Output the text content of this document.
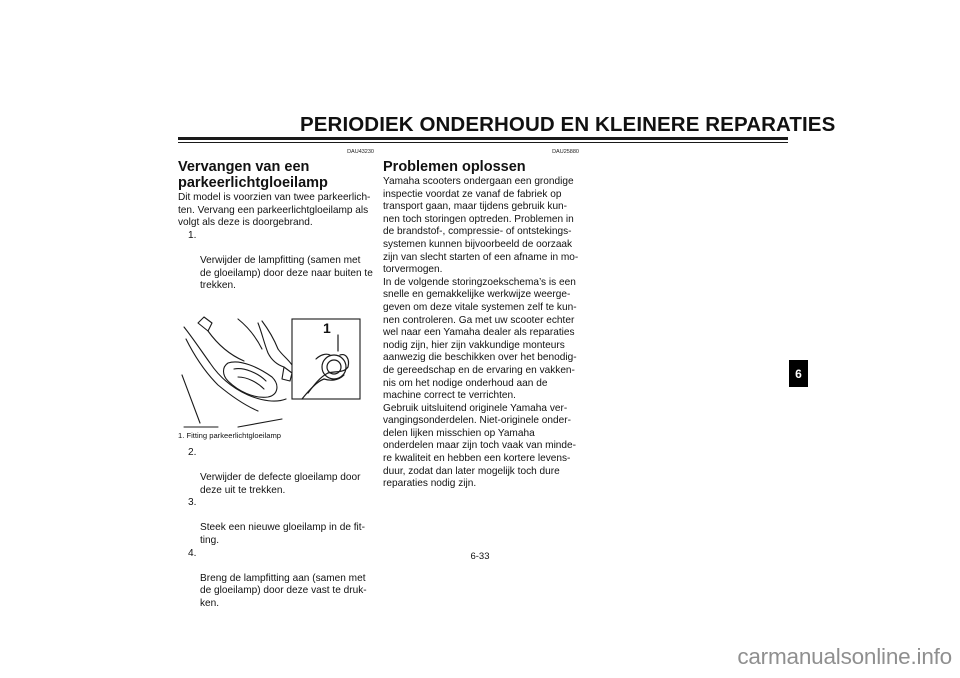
PERIODIEK ONDERHOUD EN KLEINERE REPARATIES
DAU43230
Vervangen van een parkeerlichtgloeilamp
Dit model is voorzien van twee parkeerlich-
ten. Vervang een parkeerlichtgloeilamp als
volgt als deze is doorgebrand.

1.

Verwijder de lampfitting (samen met
de gloeilamp) door deze naar buiten te
trekken.

1
1. Fitting parkeerlichtgloeilamp

2.

Verwijder de defecte gloeilamp door
deze uit te trekken.

3.

Steek een nieuwe gloeilamp in de fit-
ting.

4.

Breng de lampfitting aan (samen met
de gloeilamp) door deze vast te druk-
ken.

DAU25880
Problemen oplossen
Yamaha scooters ondergaan een grondige
inspectie voordat ze vanaf de fabriek op
transport gaan, maar tijdens gebruik kun-
nen toch storingen optreden. Problemen in
de brandstof-, compressie- of ontstekings-
systemen kunnen bijvoorbeeld de oorzaak
zijn van slecht starten of een afname in mo-
torvermogen.
In de volgende storingzoekschema’s is een
snelle en gemakkelijke werkwijze weerge-
geven om deze vitale systemen zelf te kun-
nen controleren. Ga met uw scooter echter
wel naar een Yamaha dealer als reparaties
nodig zijn, hier zijn vakkundige monteurs
aanwezig die beschikken over het benodig-
de gereedschap en de ervaring en vakken-
nis om het nodige onderhoud aan de
machine correct te verrichten.
Gebruik uitsluitend originele Yamaha ver-
vangingsonderdelen. Niet-originele onder-
delen lijken misschien op Yamaha
onderdelen maar zijn toch vaak van minde-
re kwaliteit en hebben een kortere levens-
duur, zodat dan later mogelijk toch dure
reparaties nodig zijn.
6
6-33
carmanualsonline.info
